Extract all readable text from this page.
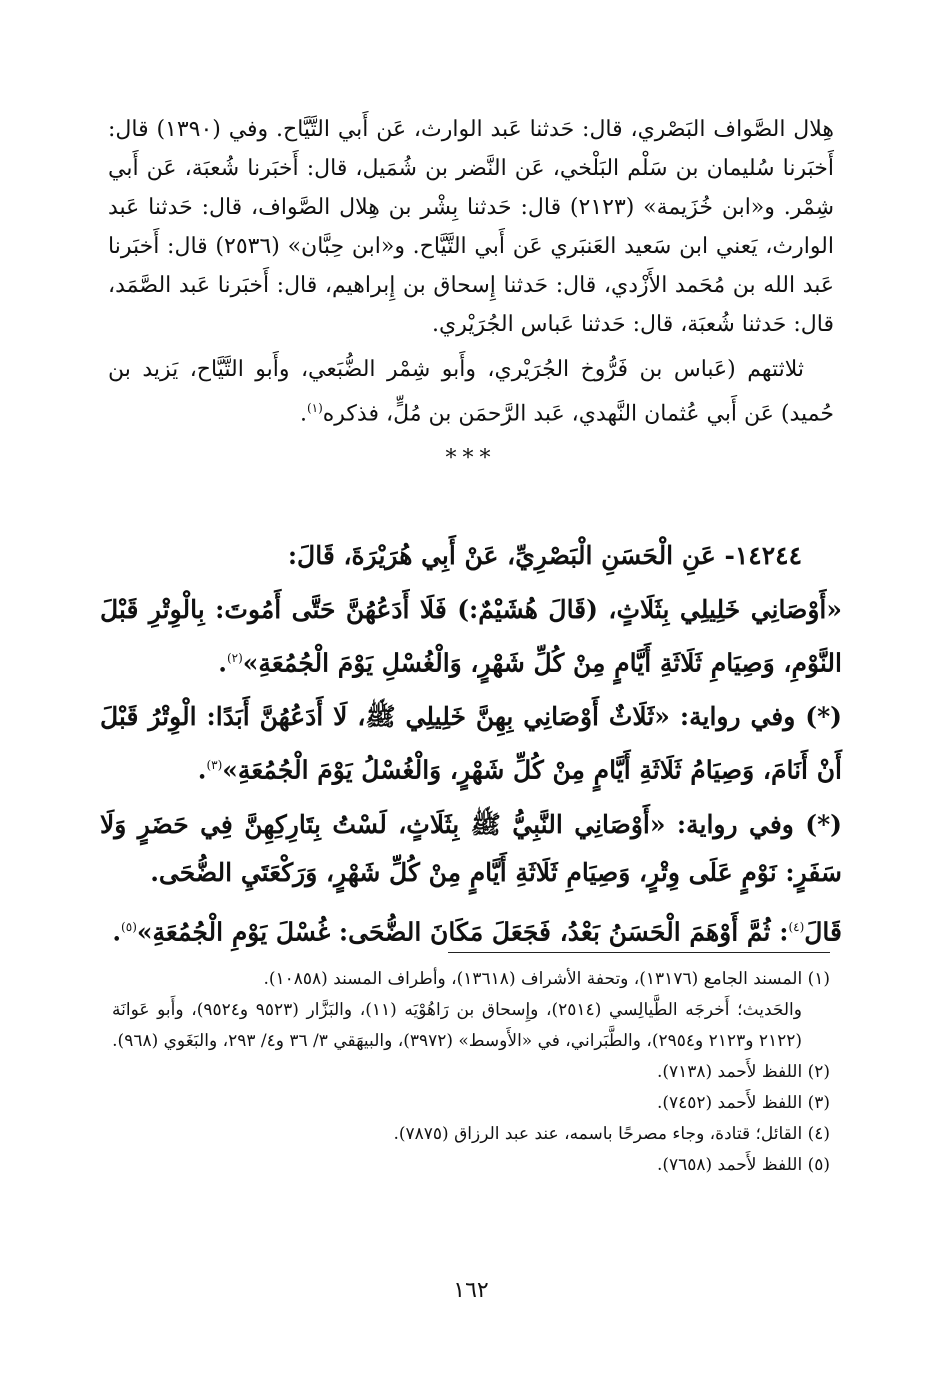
هِلال الصَّواف البَصْري، قال: حَدثنا عَبد الوارث، عَن أَبي التَّيَّاح. وفي (١٣٩٠) قال: أَخبَرنا سُليمان بن سَلْم البَلْخي، عَن النَّضر بن شُمَيل، قال: أَخبَرنا شُعبَة، عَن أَبي شِمْر. و«ابن خُزَيمة» (٢١٢٣) قال: حَدثنا بِشْر بن هِلال الصَّواف، قال: حَدثنا عَبد الوارث، يَعني ابن سَعيد العَنبَري عَن أَبي التَّيَّاح. و«ابن حِبَّان» (٢٥٣٦) قال: أَخبَرنا عَبد الله بن مُحَمد الأَزْدي، قال: حَدثنا إِسحاق بن إِبراهيم، قال: أَخبَرنا عَبد الصَّمَد، قال: حَدثنا شُعبَة، قال: حَدثنا عَباس الجُرَيْري.

ثلاثتهم (عَباس بن فَرُّوخ الجُرَيْري، وأَبو شِمْر الضُّبَعي، وأَبو التَّيَّاح، يَزيد بن حُميد) عَن أَبي عُثمان النَّهدي، عَبد الرَّحمَن بن مُلٍّ، فذكره$^{(١)}$.

***

١٤٢٤٤- عَنِ الْحَسَنِ الْبَصْرِيِّ، عَنْ أَبِي هُرَيْرَةَ، قَالَ:

«أَوْصَانِي خَلِيلِي بِثَلَاثٍ، (قَالَ هُشَيْمٌ:) فَلَا أَدَعُهُنَّ حَتَّى أَمُوتَ: بِالْوِتْرِ قَبْلَ النَّوْمِ، وَصِيَامِ ثَلَاثَةِ أَيَّامٍ مِنْ كُلِّ شَهْرٍ، وَالْغُسْلِ يَوْمَ الْجُمُعَةِ»$^{(٢)}$.

(*) وفي رواية: «ثَلَاثٌ أَوْصَانِي بِهِنَّ خَلِيلِي ﷺ، لَا أَدَعُهُنَّ أَبَدًا: الْوِتْرُ قَبْلَ أَنْ أَنَامَ، وَصِيَامُ ثَلَاثَةِ أَيَّامٍ مِنْ كُلِّ شَهْرٍ، وَالْغُسْلُ يَوْمَ الْجُمُعَةِ»$^{(٣)}$.

(*) وفي رواية: «أَوْصَانِي النَّبِيُّ ﷺ بِثَلَاثٍ، لَسْتُ بِتَارِكِهِنَّ فِي حَضَرٍ وَلَا سَفَرٍ: نَوْمٍ عَلَى وِتْرٍ، وَصِيَامِ ثَلَاثَةِ أَيَّامٍ مِنْ كُلِّ شَهْرٍ، وَرَكْعَتَيِ الضُّحَى.

قَالَ$^{(٤)}$: ثُمَّ أَوْهَمَ الْحَسَنُ بَعْدُ، فَجَعَلَ مَكَانَ الضُّحَى: غُسْلَ يَوْمِ الْجُمُعَةِ»$^{(٥)}$.

(١) المسند الجامع (١٣١٧٦)، وتحفة الأشراف (١٣٦١٨)، وأطراف المسند (١٠٨٥٨).

والحَديث؛ أَخرجَه الطَّيالِسي (٢٥١٤)، وإِسحاق بن رَاهُوْيَه (١١)، والبَزَّار (٩٥٢٣ و٩٥٢٤)، وأَبو عَوانَة (٢١٢٢ و٢١٢٣ و٢٩٥٤)، والطَّبَراني، في «الأَوسط» (٣٩٧٢)، والبيهَقي ٣/ ٣٦ و٤/ ٢٩٣، والبَغَوي (٩٦٨).

(٢) اللفظ لأَحمد (٧١٣٨).

(٣) اللفظ لأَحمد (٧٤٥٢).

(٤) القائل؛ قتادة، وجاء مصرحًا باسمه، عند عبد الرزاق (٧٨٧٥).

(٥) اللفظ لأَحمد (٧٦٥٨).

١٦٢
